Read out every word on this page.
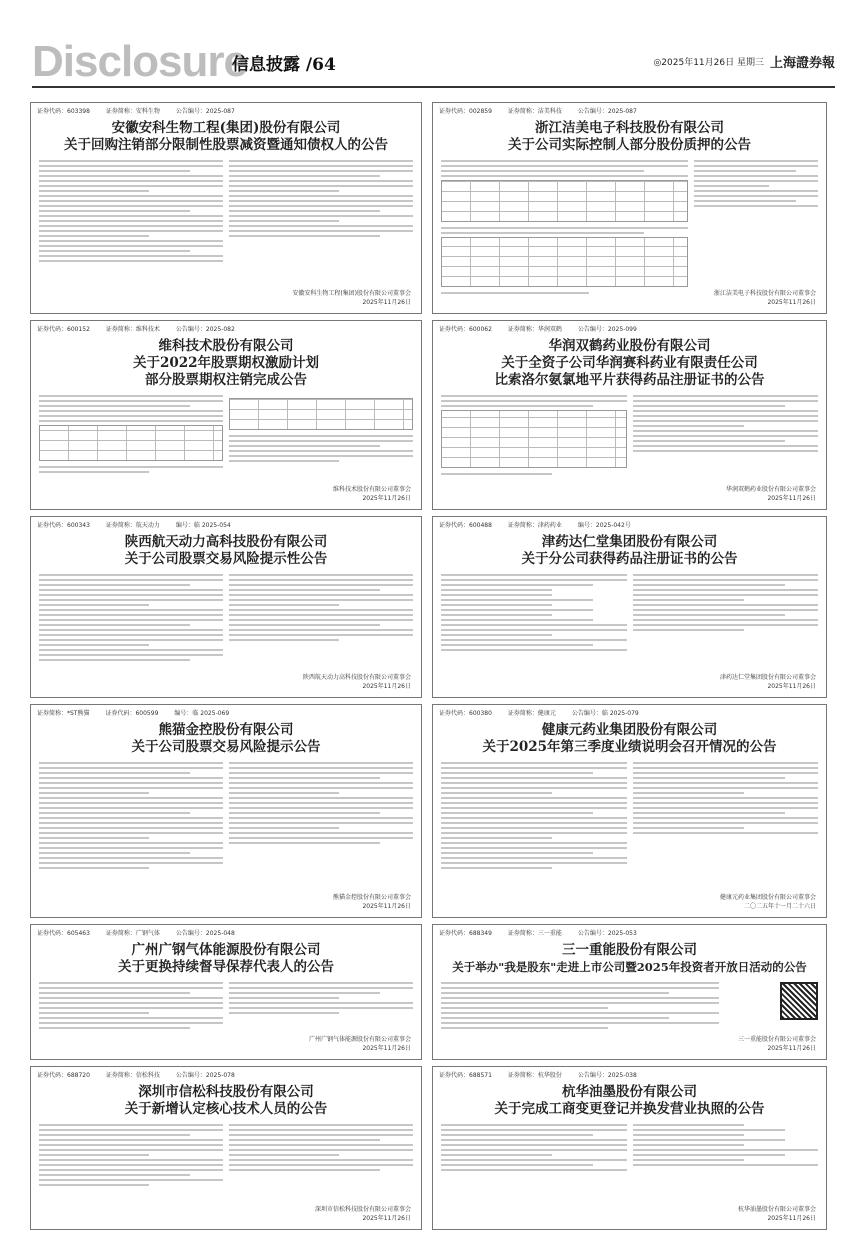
Disclosure
信息披露 /64	◎2025年11月26日 星期三 上海證券報
证券代码：603398	证券简称：安科生物	公告编号：2025-087
安徽安科生物工程(集团)股份有限公司
关于回购注销部分限制性股票减资暨通知债权人的公告
安徽安科生物工程(集团)股份有限公司董事会
2025年11月26日
证券代码：002859	证券简称：洁美科技	公告编号：2025-087
浙江洁美电子科技股份有限公司
关于公司实际控制人部分股份质押的公告
浙江洁美电子科技股份有限公司董事会
2025年11月26日
证券代码：600152	证券简称：维科技术	公告编号：2025-082
维科技术股份有限公司
关于2022年股票期权激励计划
部分股票期权注销完成公告
维科技术股份有限公司董事会
2025年11月26日
证券代码：600062	证券简称：华润双鹤	公告编号：2025-099
华润双鹤药业股份有限公司
关于全资子公司华润赛科药业有限责任公司
比索洛尔氨氯地平片获得药品注册证书的公告
华润双鹤药业股份有限公司董事会
2025年11月26日
证券代码：600343	证券简称：航天动力	编号：临 2025-054
陕西航天动力高科技股份有限公司
关于公司股票交易风险提示性公告
陕西航天动力高科技股份有限公司董事会
2025年11月26日
证券代码：600488	证券简称：津药药业	编号：2025-042号
津药达仁堂集团股份有限公司
关于分公司获得药品注册证书的公告
津药达仁堂集团股份有限公司董事会
2025年11月26日
证券简称：*ST熊猫	证券代码：600599	编号：临 2025-069
熊猫金控股份有限公司
关于公司股票交易风险提示公告
熊猫金控股份有限公司董事会
2025年11月26日
证券代码：600380	证券简称：健康元	公告编号：临 2025-079
健康元药业集团股份有限公司
关于2025年第三季度业绩说明会召开情况的公告
健康元药业集团股份有限公司董事会
二〇二五年十一月二十六日
证券代码：605463	证券简称：广钢气体	公告编号：2025-048
广州广钢气体能源股份有限公司
关于更换持续督导保荐代表人的公告
广州广钢气体能源股份有限公司董事会
2025年11月26日
证券代码：688349	证券简称：三一重能	公告编号：2025-053
三一重能股份有限公司
关于举办"我是股东"走进上市公司暨2025年投资者开放日活动的公告
三一重能股份有限公司董事会
2025年11月26日
证券代码：688720	证券简称：信松科技	公告编号：2025-078
深圳市信松科技股份有限公司
关于新增认定核心技术人员的公告
深圳市信松科技股份有限公司董事会
2025年11月26日
证券代码：688571	证券简称：杭华股份	公告编号：2025-038
杭华油墨股份有限公司
关于完成工商变更登记并换发营业执照的公告
杭华油墨股份有限公司董事会
2025年11月26日
